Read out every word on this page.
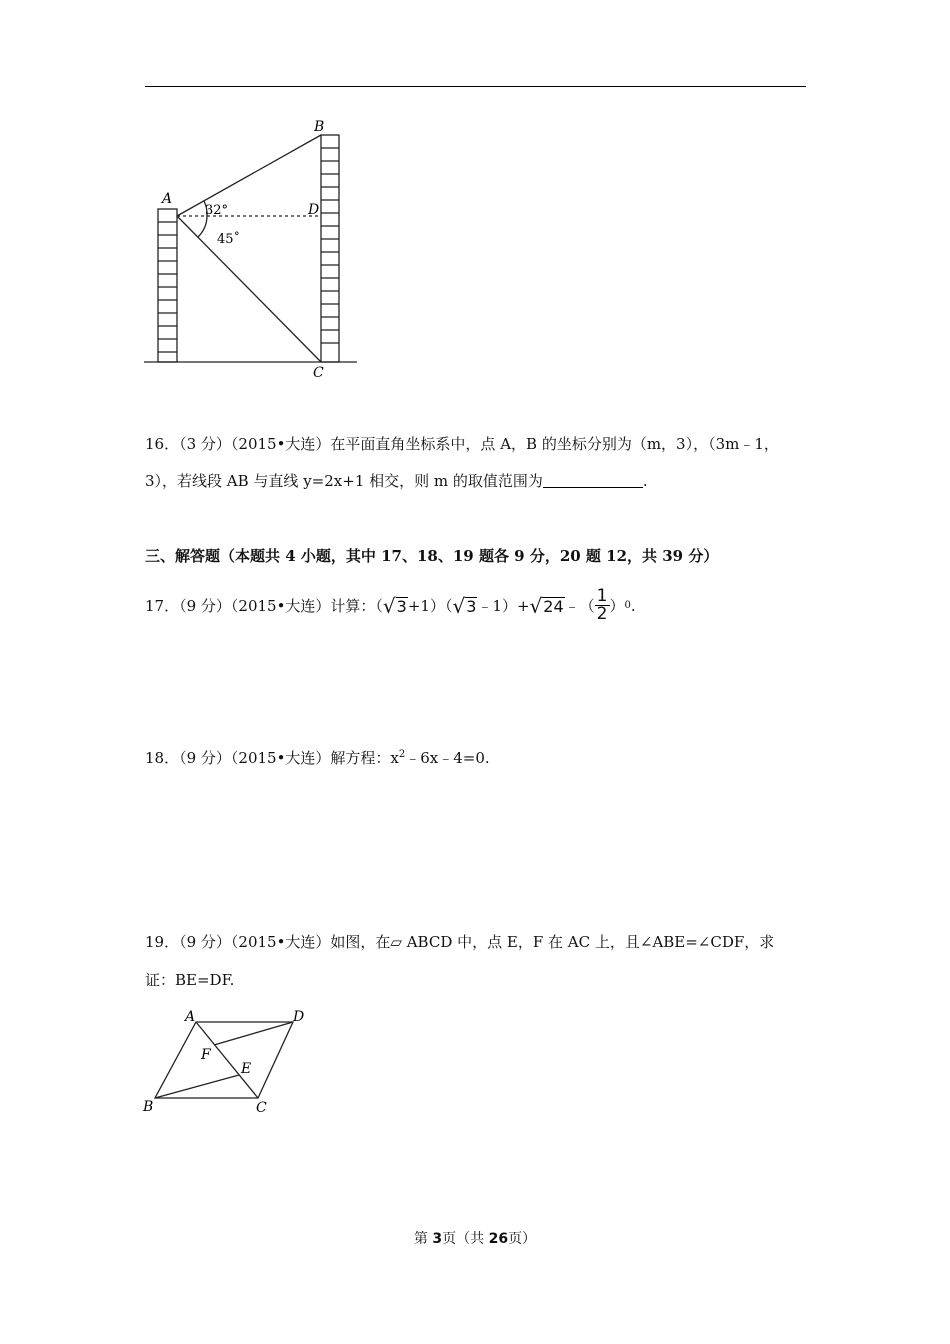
B
A
D
C
32°
45˚
16．（3 分）（2015•大连）在平面直角坐标系中，点 A，B 的坐标分别为（m，3），（3m﹣1，
3），若线段 AB 与直线 y=2x+1 相交，则 m 的取值范围为	.
三、解答题（本题共 4 小题，其中 17、18、19 题各 9 分，20 题 12，共 39 分）
17．（9 分）（2015•大连）计算：（ √ 3 +1）（ √ 3 ﹣1）+ √ 24 ﹣（ $\frac{1}{2}$ ） 0 .
18．（9 分）（2015•大连）解方程：$x^2﹣6x﹣4=0$.
19．（9 分）（2015•大连）如图，在▱ ABCD 中，点 E，F 在 AC 上，且∠ABE=∠CDF，求
证：BE=DF.
A	D
F
E
B	C
第 3页（共 26页）
